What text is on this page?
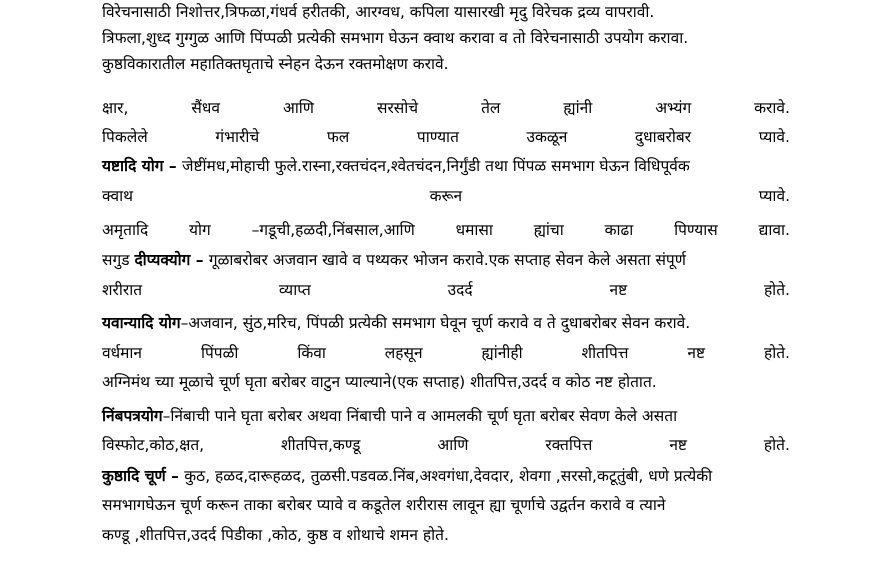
विरेचनासाठी निशोत्तर,त्रिफळा,गंधर्व हरीतकी, आरग्वध, कपिला यासारखी मृदु विरेचक द्रव्य वापरावी.
त्रिफला,शुध्द गुग्गुळ आणि पिंप्पळी प्रत्येकी समभाग घेऊन क्वाथ करावा व तो विरेचनासाठी उपयोग करावा.
कुष्ठविकारातील महातिक्तघृताचे स्नेहन देऊन रक्तमोक्षण करावे.
क्षार,	सैंधव	आणि	सरसोचे	तेल	ह्यांनी	अभ्यंग	करावे.
पिकलेले	गंभारीचे	फल	पाण्यात	उकळून	दुधाबरोबर	प्यावे.
यष्टादि योग – जेष्टींमध,मोहाची फुले.रास्ना,रक्तचंदन,श्वेतचंदन,निर्गुंडी तथा पिंपळ समभाग घेऊन विधिपूर्वक
क्वाथ	करून	प्यावे.
अमृतादि	योग	–गडूची,हळदी,निंबसाल,आणि	धमासा	ह्यांचा	काढा	पिण्यास	द्यावा.
सगुड दीप्यक्योग – गूळाबरोबर अजवान खावे व पथ्यकर भोजन करावे.एक सप्ताह सेवन केले असता संपूर्ण
शरीरात	व्याप्त	उदर्द	नष्ट	होते.
यवान्यादि योग–अजवान, सुंठ,मरिच, पिंपळी प्रत्येकी समभाग घेवून चूर्ण करावे व ते दुधाबरोबर सेवन करावे.
वर्धमान	पिंपळी	किंवा	लहसून	ह्यांनीही	शीतपित्त	नष्ट	होते.
अग्निमंथ च्या मूळाचे चूर्ण घृता बरोबर वाटुन प्याल्याने(एक सप्ताह) शीतपित्त,उदर्द व कोठ नष्ट होतात.
निंबपत्रयोग–निंबाची पाने घृता बरोबर अथवा निंबाची पाने व आमलकी चूर्ण घृता बरोबर सेवण केले असता
विस्फोट,कोठ,क्षत,	शीतपित्त,कण्डू	आणि	रक्तपित्त	नष्ट	होते.
कुष्ठादि चूर्ण – कुठ, हळद,दारूहळद, तुळसी.पडवळ.निंब,अश्वगंधा,देवदार, शेवगा ,सरसो,कटूतुंबी, धणे प्रत्येकी
समभागघेऊन चूर्ण करून ताका बरोबर प्यावे व कडूतेल शरीरास लावून ह्या चूर्णाचे उद्वर्तन करावे व त्याने
कण्डू ,शीतपित्त,उदर्द पिडीका ,कोठ, कुष्ठ व शोथाचे शमन होते.
